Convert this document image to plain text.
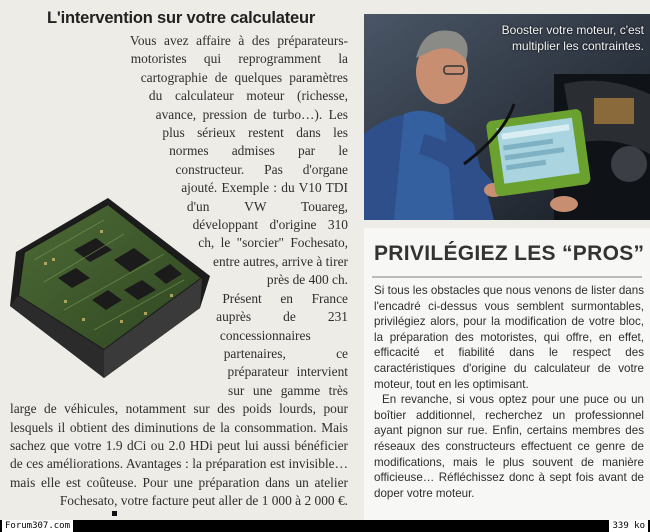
L'intervention sur votre calculateur

Vous avez affaire à des préparateurs-motoristes qui reprogramment la cartographie de quelques paramètres du calculateur moteur (richesse, avance, pression de turbo…). Les plus sérieux restent dans les normes admises par le constructeur. Pas d'organe ajouté. Exemple : du V10 TDI d'un VW Touareg, développant d'origine 310 ch, le "sorcier" Fochesato, entre autres, arrive à tirer
près de 400 ch.

Présent en France auprès de 231 concessionnaires partenaires, ce préparateur intervient sur une gamme très large de véhicules, notamment sur des poids lourds, pour lesquels il obtient des diminutions de la consommation. Mais sachez que votre 1.9 dCi ou 2.0 HDi peut lui aussi bénéficier de ces améliorations. Avantages : la préparation est invisible… mais elle est coûteuse. Pour une préparation dans un atelier Fochesato, votre facture peut aller de 1 000 à 2 000 €.

Booster votre moteur, c'est multiplier les contraintes.
PRIVILÉGIEZ LES “PROS”

Si tous les obstacles que nous venons de lister dans l'encadré ci-dessus vous semblent surmontables, privilégiez alors, pour la modification de votre bloc, la préparation des motoristes, qui offre, en effet, efficacité et fiabilité dans le respect des caractéristiques d'origine du calculateur de votre moteur, tout en les optimisant.

En revanche, si vous optez pour une puce ou un boîtier additionnel, recherchez un professionnel ayant pignon sur rue. Enfin, certains membres des réseaux des constructeurs effectuent ce genre de modifications, mais le plus souvent de manière officieuse… Réfléchissez donc à sept fois avant de doper votre moteur.

Forum307.com	339 ko
